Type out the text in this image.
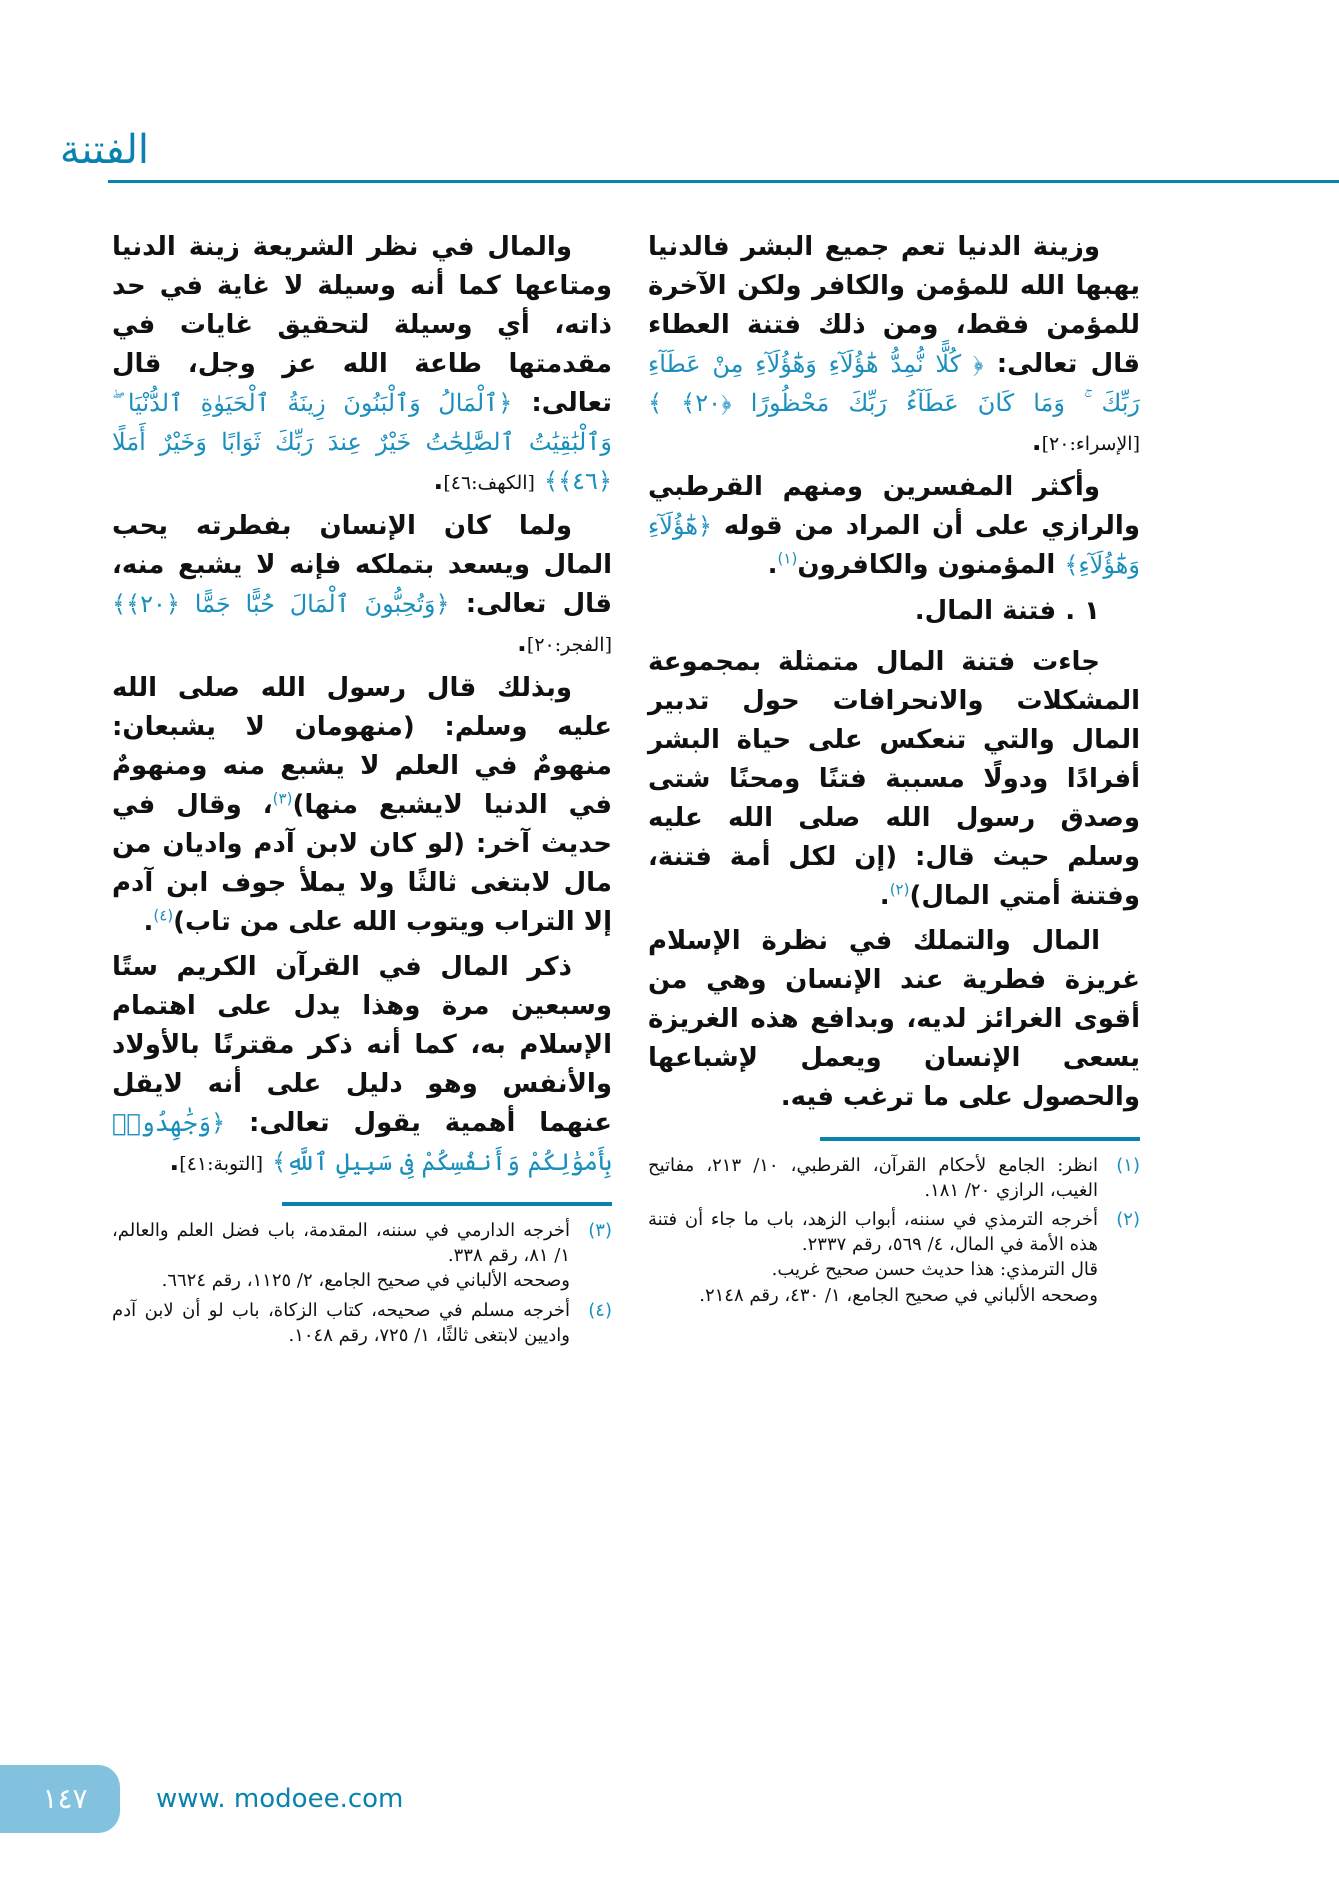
الفتنة

وزينة الدنيا تعم جميع البشر فالدنيا يهبها الله للمؤمن والكافر ولكن الآخرة للمؤمن فقط، ومن ذلك فتنة العطاء قال تعالى: ﴿ كُلًّا نُّمِدُّ هَٰٓؤُلَآءِ وَهَٰٓؤُلَآءِ مِنْ عَطَآءِ رَبِّكَ ۚ وَمَا كَانَ عَطَآءُ رَبِّكَ مَحْظُورًا ﴿٢٠﴾ ﴾ [الإسراء:٢٠].

وأكثر المفسرين ومنهم القرطبي والرازي على أن المراد من قوله ﴿هَٰٓؤُلَآءِ وَهَٰٓؤُلَآءِ﴾ المؤمنون والكافرون$^{(١)}$.

١ . فتنة المال.

جاءت فتنة المال متمثلة بمجموعة المشكلات والانحرافات حول تدبير المال والتي تنعكس على حياة البشر أفرادًا ودولًا مسببة فتنًا ومحنًا شتى وصدق رسول الله صلى الله عليه وسلم حيث قال: (إن لكل أمة فتنة، وفتنة أمتي المال)$^{(٢)}$.

المال والتملك في نظرة الإسلام غريزة فطرية عند الإنسان وهي من أقوى الغرائز لديه، وبدافع هذه الغريزة يسعى الإنسان ويعمل لإشباعها والحصول على ما ترغب فيه.

(١)
انظر: الجامع لأحكام القرآن، القرطبي، ١٠/ ٢١٣، مفاتيح الغيب، الرازي ٢٠/ ١٨١.
(٢)
أخرجه الترمذي في سننه، أبواب الزهد، باب ما جاء أن فتنة هذه الأمة في المال، ٤/ ٥٦٩، رقم ٢٣٣٧.
قال الترمذي: هذا حديث حسن صحيح غريب.
وصححه الألباني في صحيح الجامع، ١/ ٤٣٠، رقم ٢١٤٨.

والمال في نظر الشريعة زينة الدنيا ومتاعها كما أنه وسيلة لا غاية في حد ذاته، أي وسيلة لتحقيق غايات في مقدمتها طاعة الله عز وجل، قال تعالى: ﴿ٱلْمَالُ وَٱلْبَنُونَ زِينَةُ ٱلْحَيَوٰةِ ٱلدُّنْيَا ۖ وَٱلْبَٰقِيَٰتُ ٱلصَّٰلِحَٰتُ خَيْرٌ عِندَ رَبِّكَ ثَوَابًا وَخَيْرٌ أَمَلًا ﴿٤٦﴾﴾ [الكهف:٤٦].

ولما كان الإنسان بفطرته يحب المال ويسعد بتملكه فإنه لا يشبع منه، قال تعالى: ﴿وَتُحِبُّونَ ٱلْمَالَ حُبًّا جَمًّا ﴿٢٠﴾﴾ [الفجر:٢٠].

وبذلك قال رسول الله صلى الله عليه وسلم: (منهومان لا يشبعان: منهومٌ في العلم لا يشبع منه ومنهومٌ في الدنيا لايشبع منها)$^{(٣)}$، وقال في حديث آخر: (لو كان لابن آدم واديان من مال لابتغى ثالثًا ولا يملأ جوف ابن آدم إلا التراب ويتوب الله على من تاب)$^{(٤)}$.

ذكر المال في القرآن الكريم ستًا وسبعين مرة وهذا يدل على اهتمام الإسلام به، كما أنه ذكر مقترنًا بالأولاد والأنفس وهو دليل على أنه لايقل عنهما أهمية يقول تعالى: ﴿وَجَٰهِدُوا۟ بِأَمْوَٰلِكُمْ وَأَنفُسِكُمْ فِى سَبِيلِ ٱللَّهِ﴾ [التوبة:٤١].

(٣)
أخرجه الدارمي في سننه، المقدمة، باب فضل العلم والعالم، ١/ ٨١، رقم ٣٣٨.
وصححه الألباني في صحيح الجامع، ٢/ ١١٢٥، رقم ٦٦٢٤.
(٤)
أخرجه مسلم في صحيحه، كتاب الزكاة، باب لو أن لابن آدم واديين لابتغى ثالثًا، ١/ ٧٢٥، رقم ١٠٤٨.
١٤٧	www. modoee.com
